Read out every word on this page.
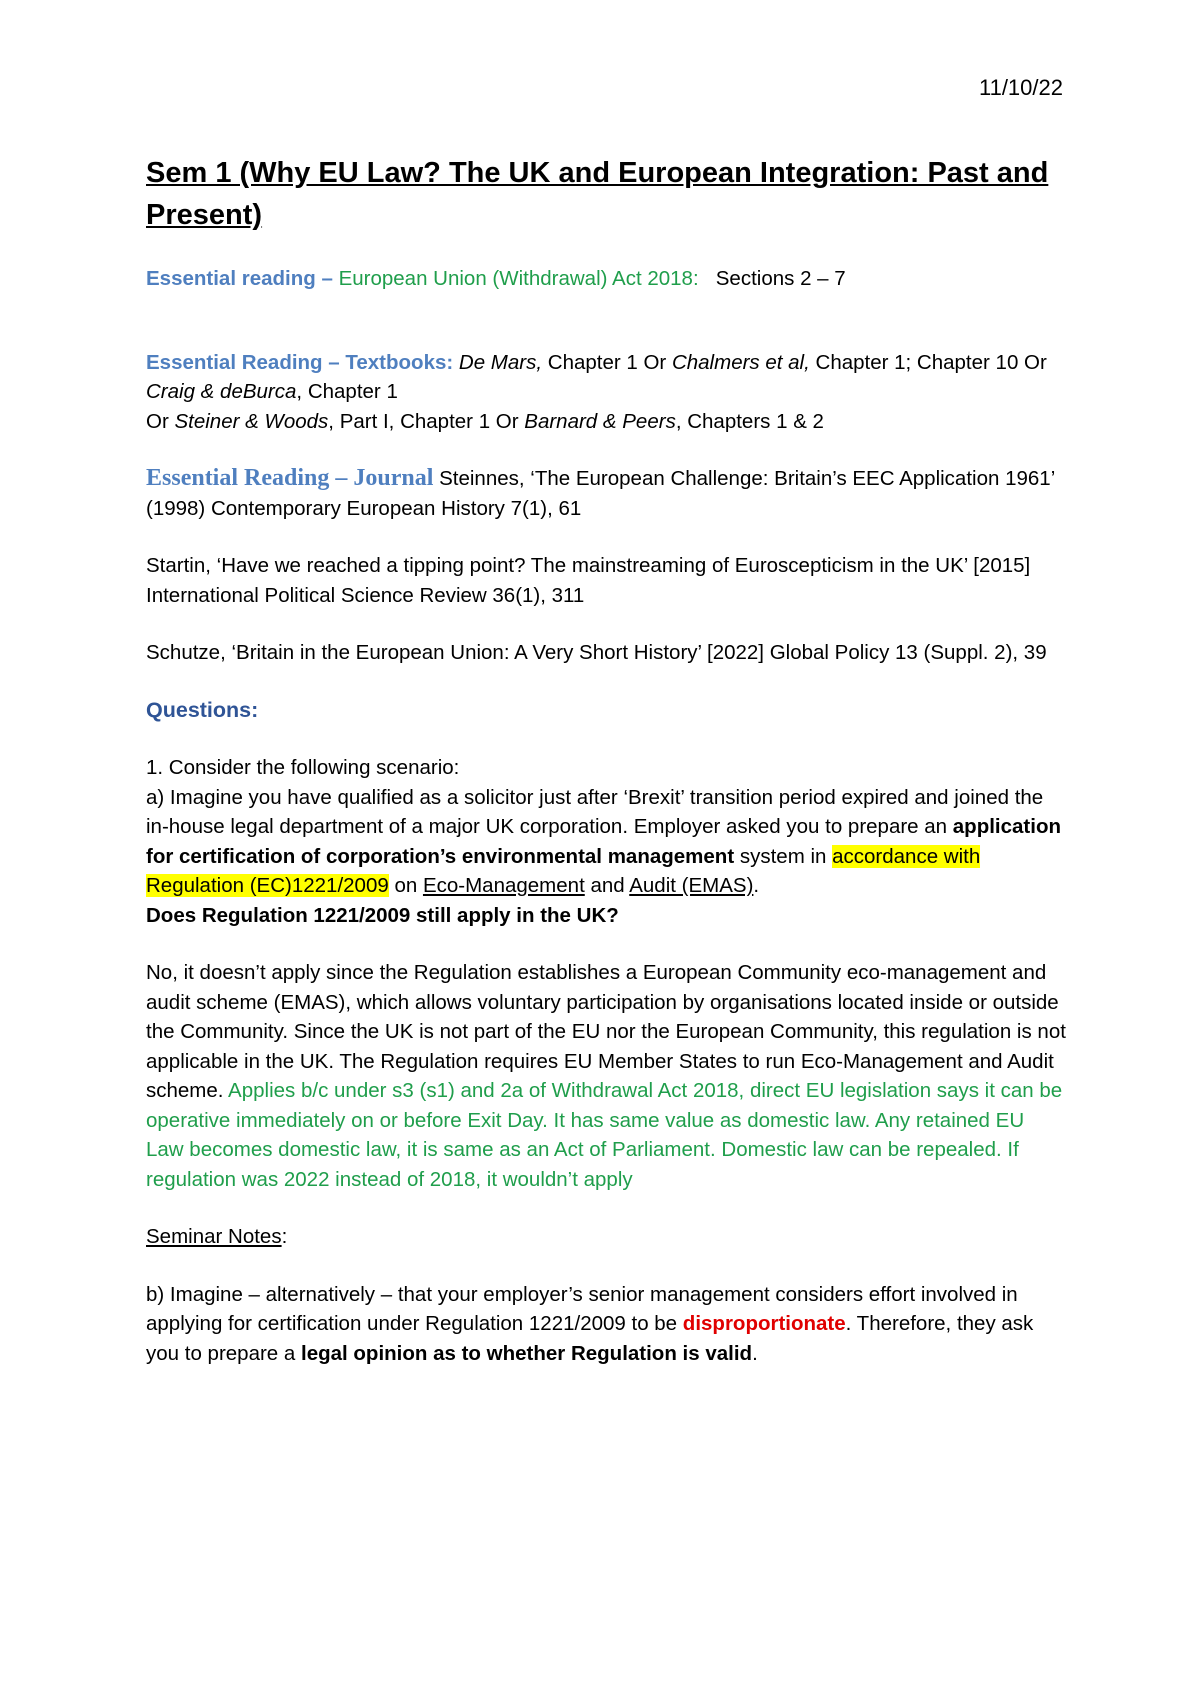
11/10/22

Sem 1 (Why EU Law? The UK and European Integration: Past and Present)

Essential reading – European Union (Withdrawal) Act 2018: Sections 2 – 7

Essential Reading – Textbooks: De Mars, Chapter 1 Or Chalmers et al, Chapter 1; Chapter 10 Or Craig & deBurca, Chapter 1
Or Steiner & Woods, Part I, Chapter 1 Or Barnard & Peers, Chapters 1 & 2

Essential Reading – Journal Steinnes, ‘The European Challenge: Britain’s EEC Application 1961’ (1998) Contemporary European History 7(1), 61

Startin, ‘Have we reached a tipping point? The mainstreaming of Euroscepticism in the UK’ [2015] International Political Science Review 36(1), 311

Schutze, ‘Britain in the European Union: A Very Short History’ [2022] Global Policy 13 (Suppl. 2), 39

Questions:

1. Consider the following scenario:

a) Imagine you have qualified as a solicitor just after ‘Brexit’ transition period expired and joined the in-house legal department of a major UK corporation. Employer asked you to prepare an application for certification of corporation’s environmental management system in accordance with Regulation (EC)1221/2009 on Eco-Management and Audit (EMAS).

Does Regulation 1221/2009 still apply in the UK?

No, it doesn’t apply since the Regulation establishes a European Community eco-management and audit scheme (EMAS), which allows voluntary participation by organisations located inside or outside the Community. Since the UK is not part of the EU nor the European Community, this regulation is not applicable in the UK. The Regulation requires EU Member States to run Eco-Management and Audit scheme. Applies b/c under s3 (s1) and 2a of Withdrawal Act 2018, direct EU legislation says it can be operative immediately on or before Exit Day. It has same value as domestic law. Any retained EU Law becomes domestic law, it is same as an Act of Parliament. Domestic law can be repealed. If regulation was 2022 instead of 2018, it wouldn’t apply

Seminar Notes:

b) Imagine – alternatively – that your employer’s senior management considers effort involved in applying for certification under Regulation 1221/2009 to be disproportionate. Therefore, they ask you to prepare a legal opinion as to whether Regulation is valid.
